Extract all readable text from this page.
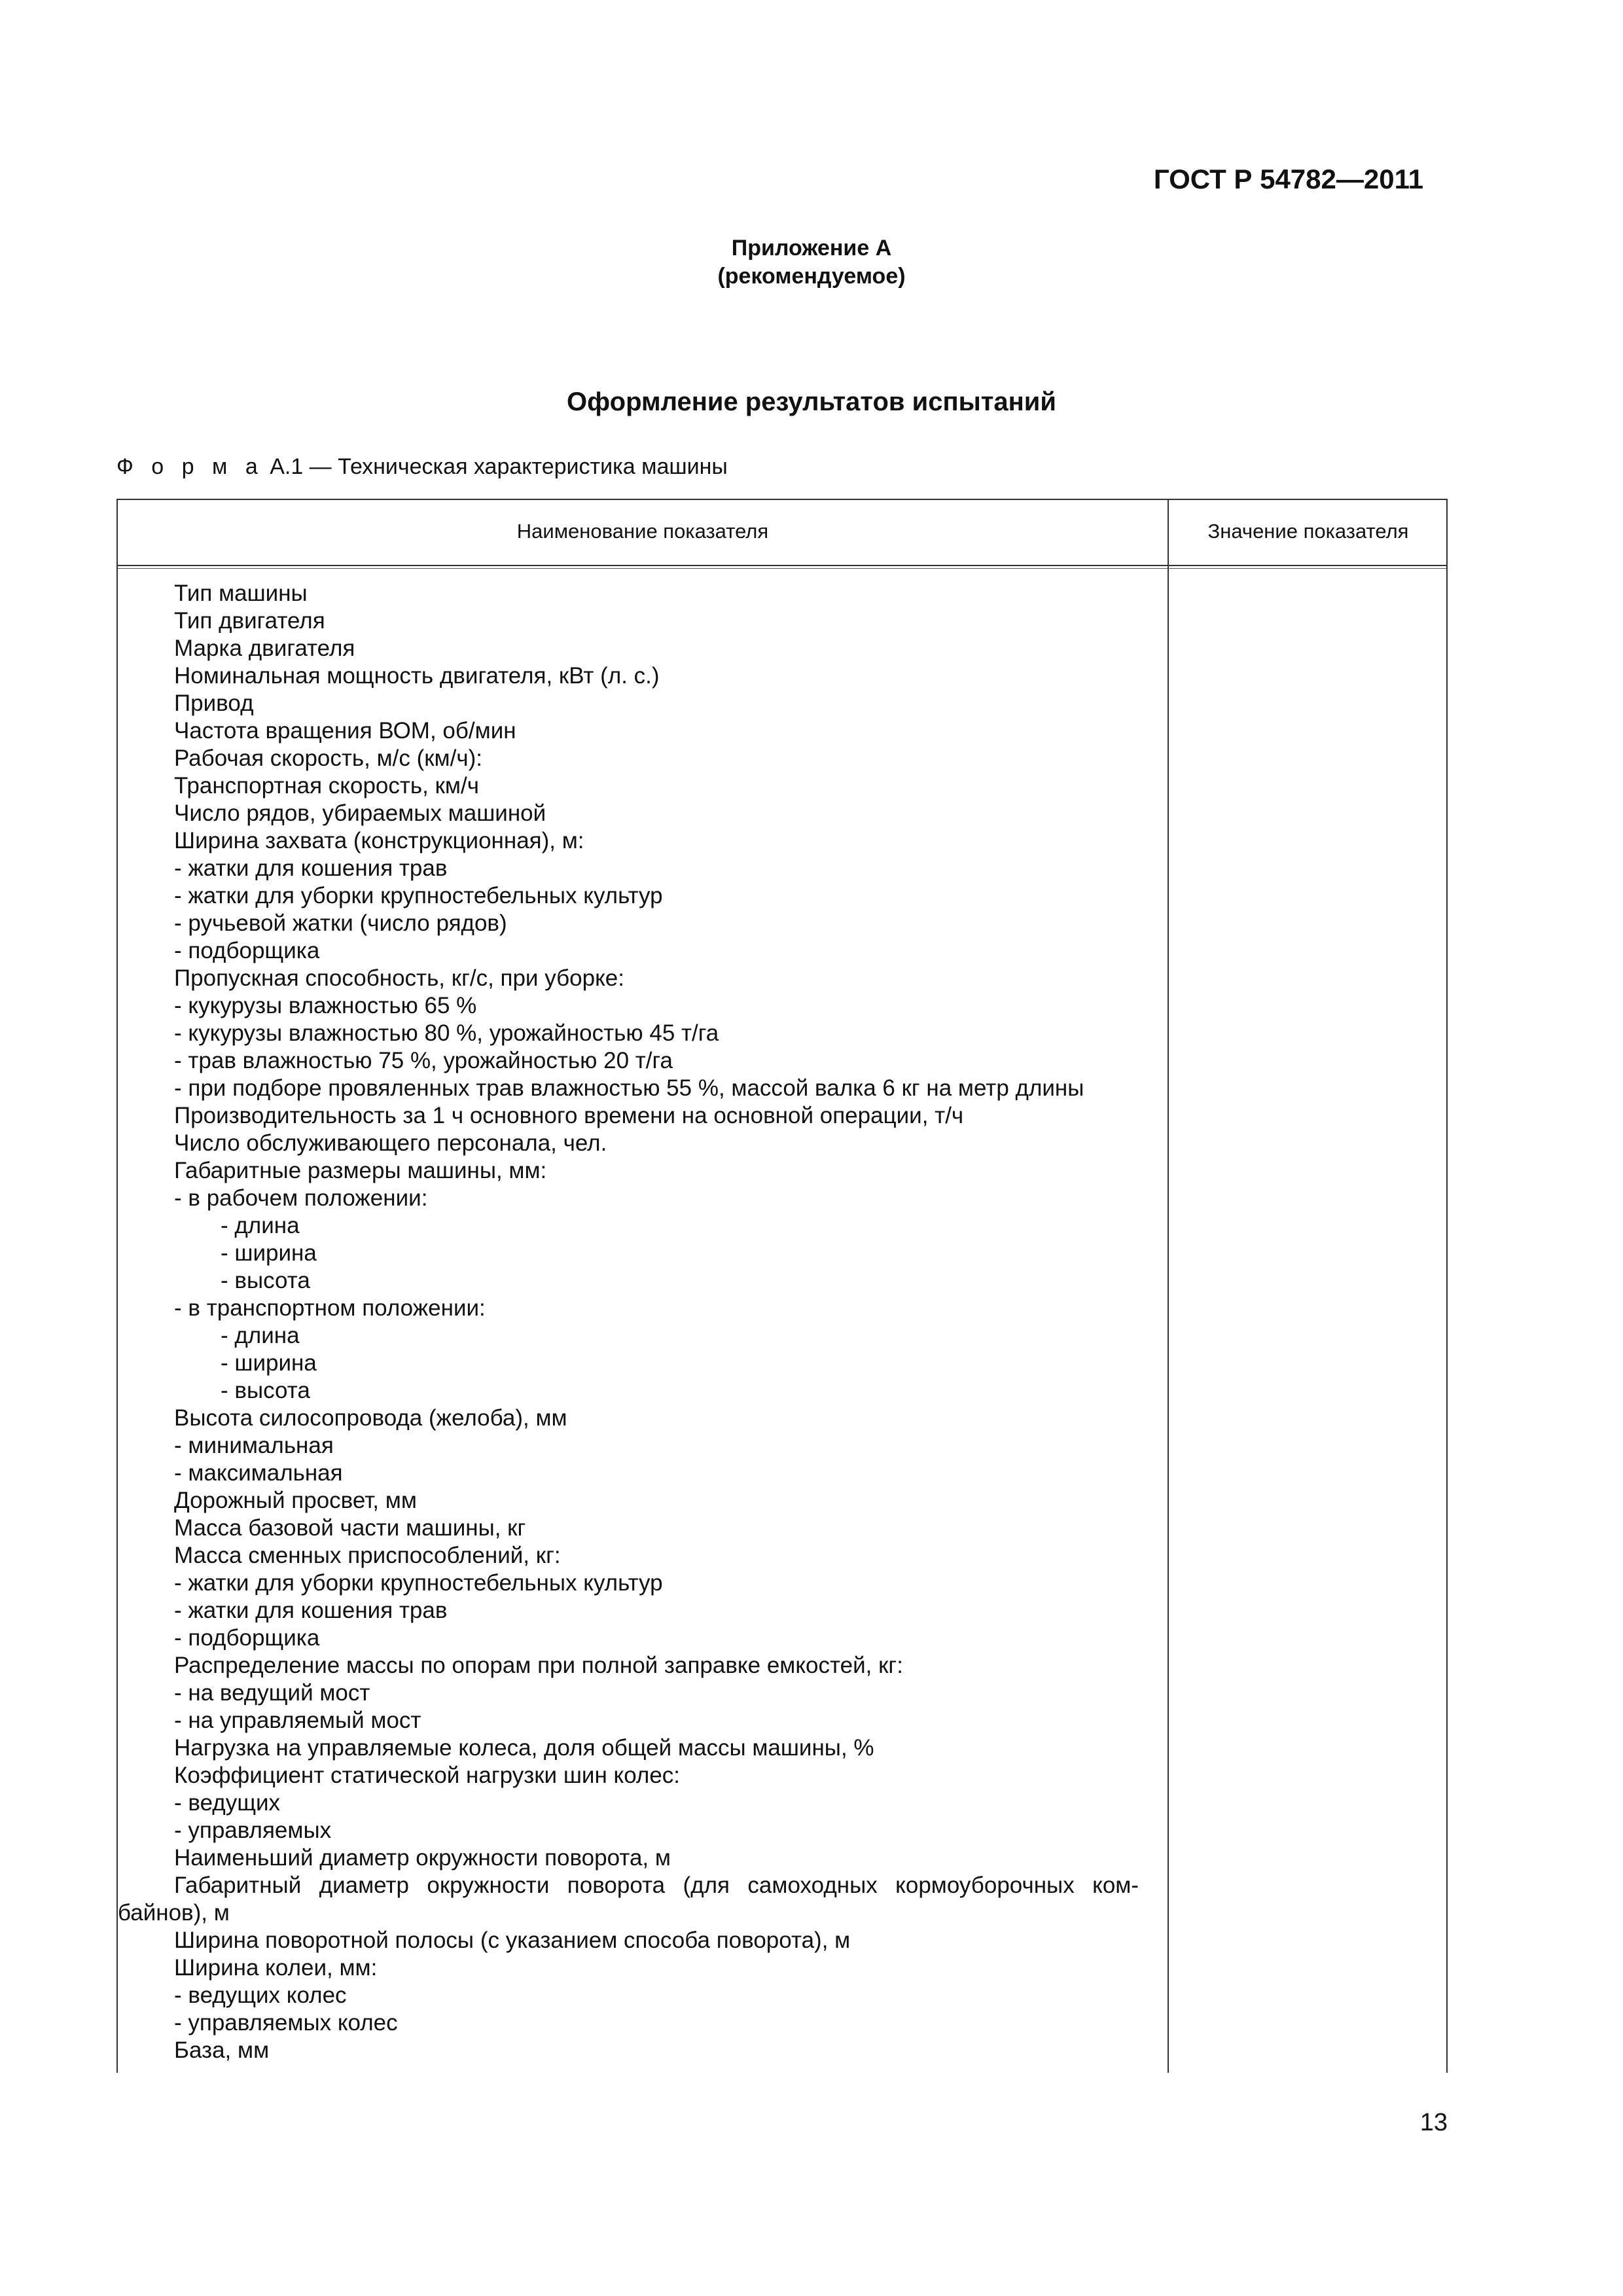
ГОСТ Р 54782—2011
Приложение А
(рекомендуемое)
Оформление результатов испытаний
Ф о р м а А.1 — Техническая характеристика машины
Наименование показателя	Значение показателя
Тип машины
Тип двигателя
Марка двигателя
Номинальная мощность двигателя, кВт (л. с.)
Привод
Частота вращения ВОМ, об/мин
Рабочая скорость, м/с (км/ч):
Транспортная скорость, км/ч
Число рядов, убираемых машиной
Ширина захвата (конструкционная), м:
- жатки для кошения трав
- жатки для уборки крупностебельных культур
- ручьевой жатки (число рядов)
- подборщика
Пропускная способность, кг/с, при уборке:
- кукурузы влажностью 65 %
- кукурузы влажностью 80 %, урожайностью 45 т/га
- трав влажностью 75 %, урожайностью 20 т/га
- при подборе провяленных трав влажностью 55 %, массой валка 6 кг на метр длины
Производительность за 1 ч основного времени на основной операции, т/ч
Число обслуживающего персонала, чел.
Габаритные размеры машины, мм:
- в рабочем положении:
- длина
- ширина
- высота
- в транспортном положении:
- длина
- ширина
- высота
Высота силосопровода (желоба), мм
- минимальная
- максимальная
Дорожный просвет, мм
Масса базовой части машины, кг
Масса сменных приспособлений, кг:
- жатки для уборки крупностебельных культур
- жатки для кошения трав
- подборщика
Распределение массы по опорам при полной заправке емкостей, кг:
- на ведущий мост
- на управляемый мост
Нагрузка на управляемые колеса, доля общей массы машины, %
Коэффициент статической нагрузки шин колес:
- ведущих
- управляемых
Наименьший диаметр окружности поворота, м
Габаритный диаметр окружности поворота (для самоходных кормоуборочных ком-байнов), м
Ширина поворотной полосы (с указанием способа поворота), м
Ширина колеи, мм:
- ведущих колес
- управляемых колес
База, мм
13
